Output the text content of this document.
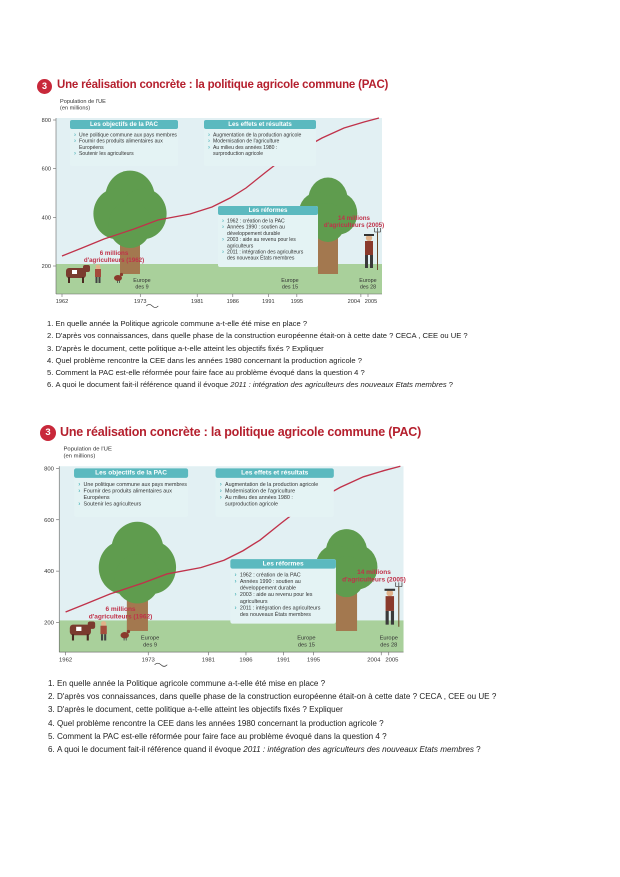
3 Une réalisation concrète : la politique agricole commune (PAC)
Population de l'UE
(en millions)
800
600
400
200
1962	1973	1981	1986	1991	1995	2004 2005
Les objectifs de la PAC
› Une politique commune aux pays membres
› Fournir des produits alimentaires aux
Européens
› Soutenir les agriculteurs
Les effets et résultats
› Augmentation de la production agricole
› Modernisation de l'agriculture
› Au milieu des années 1980 :
surproduction agricole
Les réformes
› 1962 : création de la PAC
› Années 1990 : soutien au
développement durable
› 2003 : aide au revenu pour les
agriculteurs
› 2011 : intégration des agriculteurs
des nouveaux États membres
6 millions
d'agriculteurs (1962)
14 millions
d'agriculteurs (2005)
Europe
des 9
Europe
des 15
Europe
des 28
1. En quelle année la Politique agricole commune a-t-elle été mise en place ?
2. D'après vos connaissances, dans quelle phase de la construction européenne était-on à cette date ? CECA , CEE ou UE ?
3. D'après le document, cette politique a-t-elle atteint les objectifs fixés ? Expliquer
4. Quel problème rencontre la CEE dans les années 1980 concernant la production agricole ?
5. Comment la PAC est-elle réformée pour faire face au problème évoqué dans la question 4 ?
6. A quoi le document fait-il référence quand il évoque 2011 : intégration des agriculteurs des nouveaux Etats membres ?
3 Une réalisation concrète : la politique agricole commune (PAC)
Population de l'UE
(en millions)
800
600
400
200
1962	1973	1981	1986	1991	1995	2004 2005
Les objectifs de la PAC
› Une politique commune aux pays membres
› Fournir des produits alimentaires aux
Européens
› Soutenir les agriculteurs
Les effets et résultats
› Augmentation de la production agricole
› Modernisation de l'agriculture
› Au milieu des années 1980 :
surproduction agricole
Les réformes
› 1962 : création de la PAC
› Années 1990 : soutien au
développement durable
› 2003 : aide au revenu pour les
agriculteurs
› 2011 : intégration des agriculteurs
des nouveaux États membres
6 millions
d'agriculteurs (1962)
14 millions
d'agriculteurs (2005)
Europe
des 9
Europe
des 15
Europe
des 28
1. En quelle année la Politique agricole commune a-t-elle été mise en place ?
2. D'après vos connaissances, dans quelle phase de la construction européenne était-on à cette date ? CECA , CEE ou UE ?
3. D'après le document, cette politique a-t-elle atteint les objectifs fixés ? Expliquer
4. Quel problème rencontre la CEE dans les années 1980 concernant la production agricole ?
5. Comment la PAC est-elle réformée pour faire face au problème évoqué dans la question 4 ?
6. A quoi le document fait-il référence quand il évoque 2011 : intégration des agriculteurs des nouveaux Etats membres ?
